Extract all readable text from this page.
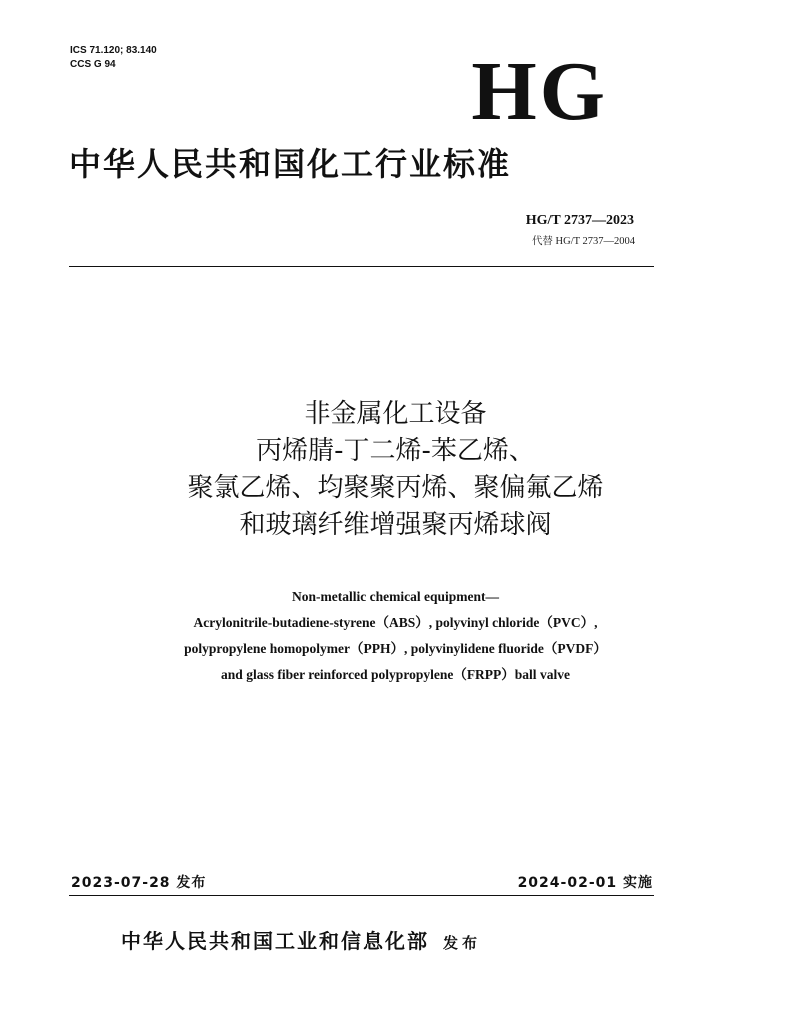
ICS 71.120; 83.140
CCS G 94	HG
中华人民共和国化工行业标准
HG/T 2737—2023
代替 HG/T 2737—2004
非金属化工设备
丙烯腈-丁二烯-苯乙烯、
聚氯乙烯、均聚聚丙烯、聚偏氟乙烯
和玻璃纤维增强聚丙烯球阀
Non-metallic chemical equipment—
Acrylonitrile-butadiene-styrene（ABS）, polyvinyl chloride（PVC）,
polypropylene homopolymer（PPH）, polyvinylidene fluoride（PVDF）
and glass fiber reinforced polypropylene（FRPP）ball valve
2023-07-28 发布	2024-02-01 实施
中华人民共和国工业和信息化部 发布
